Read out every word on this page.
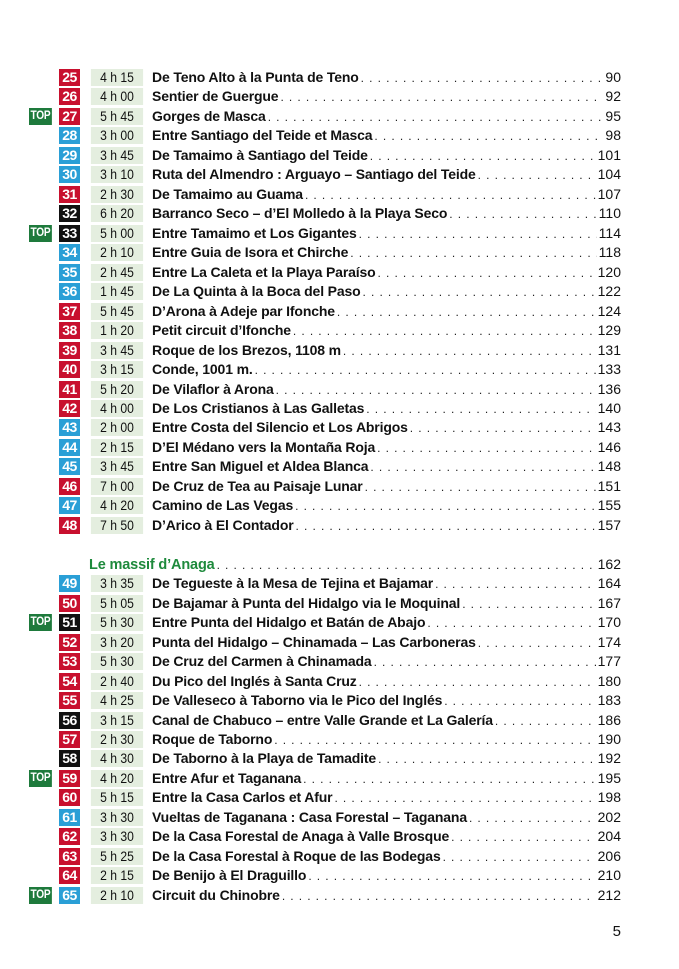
25	4 h 15	De Teno Alto à la Punta de Teno . . .	90
26	4 h 00	Sentier de Guergue . . .	92
TOP 27	5 h 45	Gorges de Masca . . .	95
28	3 h 00	Entre Santiago del Teide et Masca . . .	98
29	3 h 45	De Tamaimo à Santiago del Teide . . .	101
30	3 h 10	Ruta del Almendro : Arguayo – Santiago del Teide . . .	104
31	2 h 30	De Tamaimo au Guama . . .	107
32	6 h 20	Barranco Seco – d’El Molledo à la Playa Seco . . .	110
TOP 33	5 h 00	Entre Tamaimo et Los Gigantes . . .	114
34	2 h 10	Entre Guia de Isora et Chirche . . .	118
35	2 h 45	Entre La Caleta et la Playa Paraíso . . .	120
36	1 h 45	De La Quinta à la Boca del Paso . . .	122
37	5 h 45	D’Arona à Adeje par Ifonche . . .	124
38	1 h 20	Petit circuit d’Ifonche . . .	129
39	3 h 45	Roque de los Brezos, 1108 m . . .	131
40	3 h 15	Conde, 1001 m. . . .	133
41	5 h 20	De Vilaflor à Arona . . .	136
42	4 h 00	De Los Cristianos à Las Galletas . . .	140
43	2 h 00	Entre Costa del Silencio et Los Abrigos . . .	143
44	2 h 15	D’El Médano vers la Montaña Roja . . .	146
45	3 h 45	Entre San Miguel et Aldea Blanca . . .	148
46	7 h 00	De Cruz de Tea au Paisaje Lunar . . .	151
47	4 h 20	Camino de Las Vegas . . .	155
48	7 h 50	D’Arico à El Contador . . .	157
Le massif d’Anaga . . .	162
49	3 h 35	De Tegueste à la Mesa de Tejina et Bajamar . . .	164
50	5 h 05	De Bajamar à Punta del Hidalgo via le Moquinal . . .	167
TOP 51	5 h 30	Entre Punta del Hidalgo et Batán de Abajo . . .	170
52	3 h 20	Punta del Hidalgo – Chinamada – Las Carboneras . . .	174
53	5 h 30	De Cruz del Carmen à Chinamada . . .	177
54	2 h 40	Du Pico del Inglés à Santa Cruz . . .	180
55	4 h 25	De Valleseco à Taborno via le Pico del Inglés . . .	183
56	3 h 15	Canal de Chabuco – entre Valle Grande et La Galería . . .	186
57	2 h 30	Roque de Taborno . . .	190
58	4 h 30	De Taborno à la Playa de Tamadite . . .	192
TOP 59	4 h 20	Entre Afur et Taganana . . .	195
60	5 h 15	Entre la Casa Carlos et Afur . . .	198
61	3 h 30	Vueltas de Taganana : Casa Forestal – Taganana . . .	202
62	3 h 30	De la Casa Forestal de Anaga à Valle Brosque . . .	204
63	5 h 25	De la Casa Forestal à Roque de las Bodegas . . .	206
64	2 h 15	De Benijo à El Draguillo . . .	210
TOP 65	2 h 10	Circuit du Chinobre . . .	212
5
